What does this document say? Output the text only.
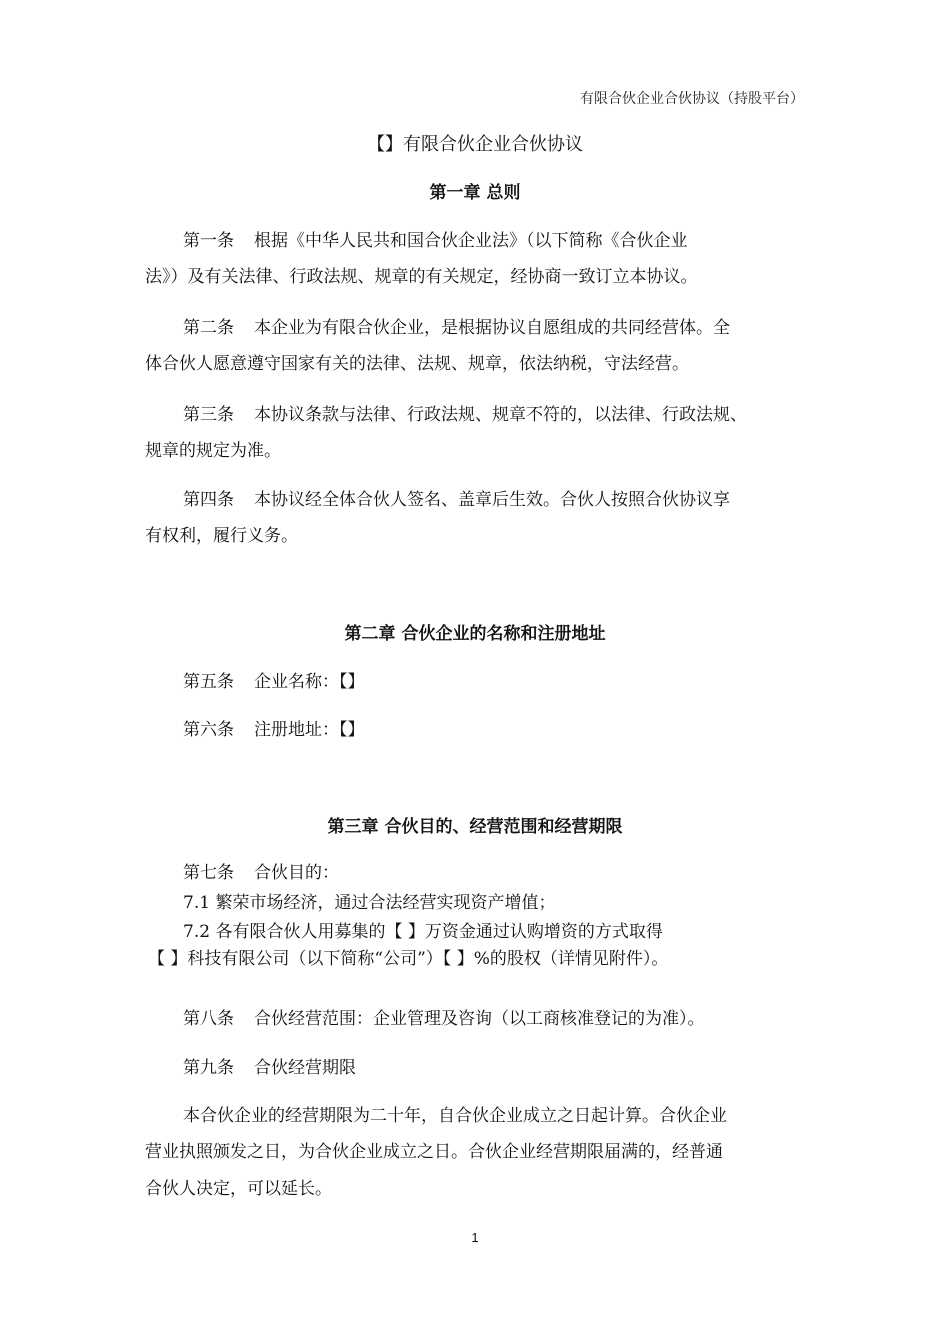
有限合伙企业合伙协议（持股平台）
【】有限合伙企业合伙协议
第一章 总则
第一条 根据《中华人民共和国合伙企业法》（以下简称《合伙企业
法》）及有关法律、行政法规、规章的有关规定，经协商一致订立本协议。
第二条 本企业为有限合伙企业，是根据协议自愿组成的共同经营体。全
体合伙人愿意遵守国家有关的法律、法规、规章，依法纳税，守法经营。
第三条 本协议条款与法律、行政法规、规章不符的，以法律、行政法规、
规章的规定为准。
第四条 本协议经全体合伙人签名、盖章后生效。合伙人按照合伙协议享
有权利，履行义务。
第二章 合伙企业的名称和注册地址
第五条 企业名称：【】
第六条 注册地址：【】
第三章 合伙目的、经营范围和经营期限
第七条 合伙目的：
7.1 繁荣市场经济，通过合法经营实现资产增值；
7.2 各有限合伙人用募集的【 】万资金通过认购增资的方式取得
【 】科技有限公司（以下简称“公司”）【 】%的股权（详情见附件）。
第八条 合伙经营范围：企业管理及咨询（以工商核准登记的为准）。
第九条 合伙经营期限
本合伙企业的经营期限为二十年，自合伙企业成立之日起计算。合伙企业
营业执照颁发之日，为合伙企业成立之日。合伙企业经营期限届满的，经普通
合伙人决定，可以延长。
1
